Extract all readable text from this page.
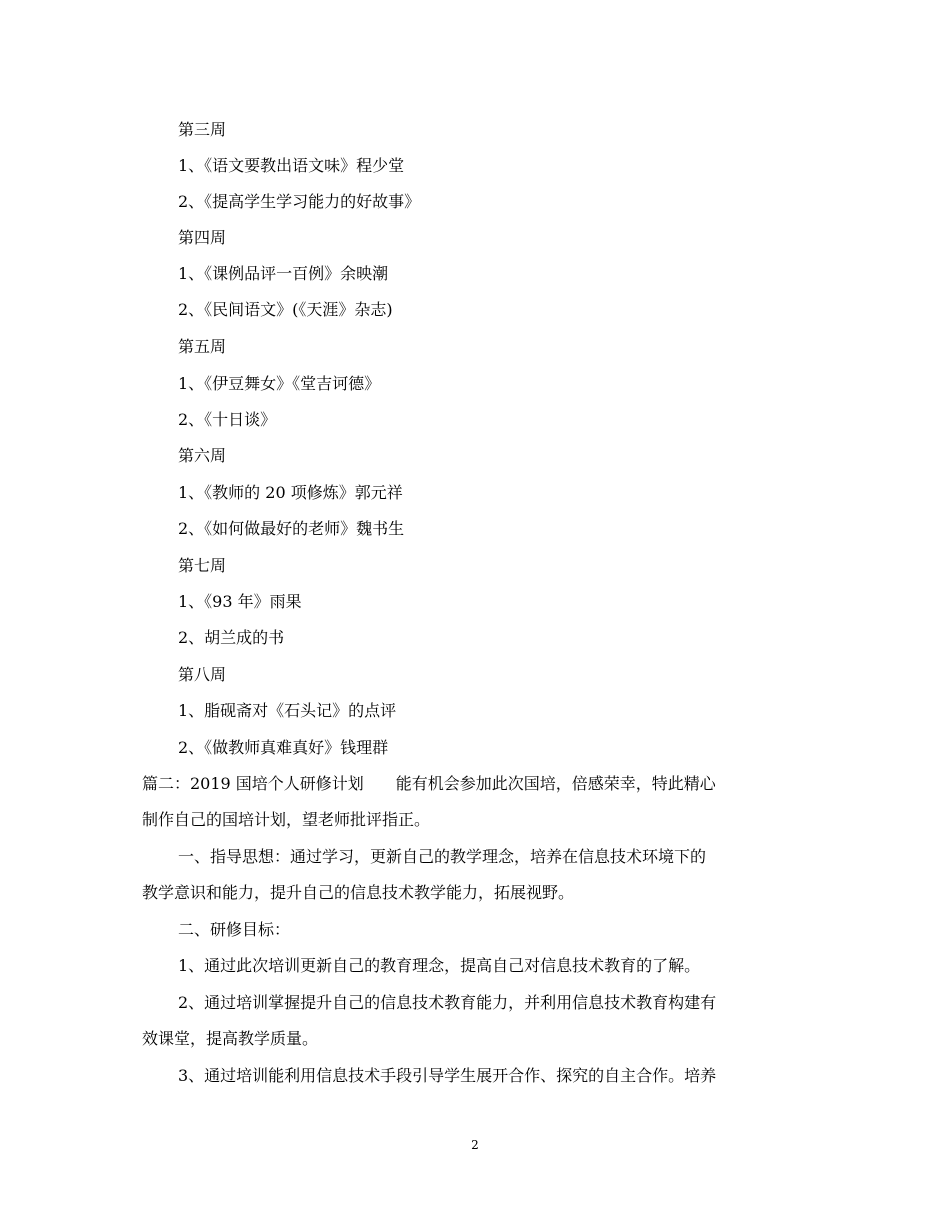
第三周
1、《语文要教出语文味》程少堂
2、《提高学生学习能力的好故事》
第四周
1、《课例品评一百例》余映潮
2、《民间语文》(《天涯》杂志)
第五周
1、《伊豆舞女》《堂吉诃德》
2、《十日谈》
第六周
1、《教师的 20 项修炼》郭元祥
2、《如何做最好的老师》魏书生
第七周
1、《93 年》雨果
2、胡兰成的书
第八周
1、脂砚斋对《石头记》的点评
2、《做教师真难真好》钱理群
篇二：2019 国培个人研修计划　　能有机会参加此次国培，倍感荣幸，特此精心
制作自己的国培计划，望老师批评指正。
一、指导思想：通过学习，更新自己的教学理念，培养在信息技术环境下的
教学意识和能力，提升自己的信息技术教学能力，拓展视野。
二、研修目标：
1、通过此次培训更新自己的教育理念，提高自己对信息技术教育的了解。
2、通过培训掌握提升自己的信息技术教育能力，并利用信息技术教育构建有
效课堂，提高教学质量。
3、通过培训能利用信息技术手段引导学生展开合作、探究的自主合作。培养
2
